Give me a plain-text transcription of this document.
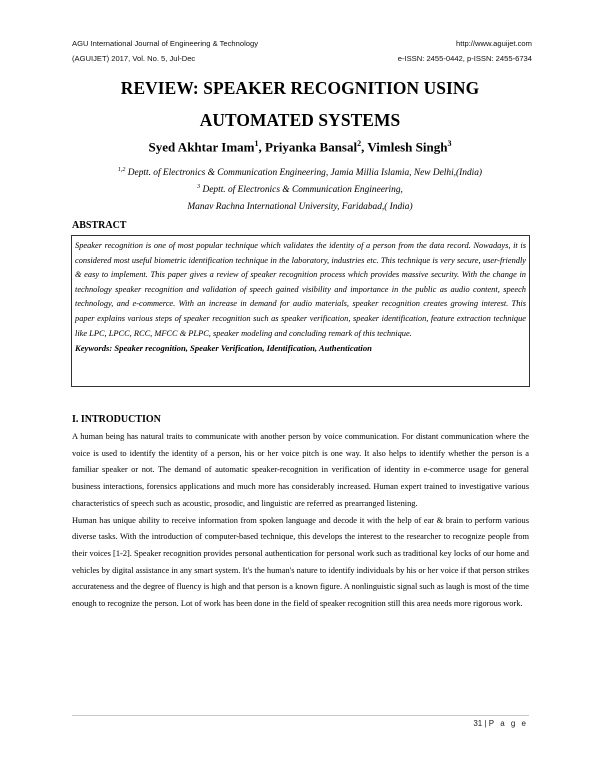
AGU International Journal of Engineering & Technology
(AGUIJET) 2017, Vol. No. 5, Jul-Dec
http://www.aguijet.com
e-ISSN: 2455-0442, p-ISSN: 2455-6734
REVIEW: SPEAKER RECOGNITION USING
AUTOMATED SYSTEMS
Syed Akhtar Imam$^1$, Priyanka Bansal$^2$, Vimlesh Singh$^3$
$^{1,2}$ Deptt. of Electronics & Communication Engineering, Jamia Millia Islamia, New Delhi,(India)
$^3$ Deptt. of Electronics & Communication Engineering,
Manav Rachna International University, Faridabad,( India)
ABSTRACT

Speaker recognition is one of most popular technique which validates the identity of a person from the data record. Nowadays, it is considered most useful biometric identification technique in the laboratory, industries etc. This technique is very secure, user-friendly & easy to implement. This paper gives a review of speaker recognition process which provides massive security. With the change in technology speaker recognition and validation of speech gained visibility and importance in the public as audio content, speech technology, and e-commerce. With an increase in demand for audio materials, speaker recognition creates growing interest. This paper explains various steps of speaker recognition such as speaker verification, speaker identification, feature extraction technique like LPC, LPCC, RCC, MFCC & PLPC, speaker modeling and concluding remark of this technique.

Keywords: Speaker recognition, Speaker Verification, Identification, Authentication

I. INTRODUCTION

A human being has natural traits to communicate with another person by voice communication. For distant communication where the voice is used to identify the identity of a person, his or her voice pitch is one way. It also helps to identify whether the person is a familiar speaker or not. The demand of automatic speaker-recognition in verification of identity in e-commerce usage for general business interactions, forensics applications and much more has considerably increased. Human expert trained to investigative various characteristics of speech such as acoustic, prosodic, and linguistic are referred as prearranged listening.

Human has unique ability to receive information from spoken language and decode it with the help of ear & brain to perform various diverse tasks. With the introduction of computer-based technique, this develops the interest to the researcher to recognize people from their voices [1-2]. Speaker recognition provides personal authentication for personal work such as traditional key locks of our home and vehicles by digital assistance in any smart system. It's the human's nature to identify individuals by his or her voice if that person strikes accurateness and the degree of fluency is high and that person is a known figure. A nonlinguistic signal such as laugh is most of the time enough to recognize the person. Lot of work has been done in the field of speaker recognition still this area needs more rigorous work.

31 | P a g e
